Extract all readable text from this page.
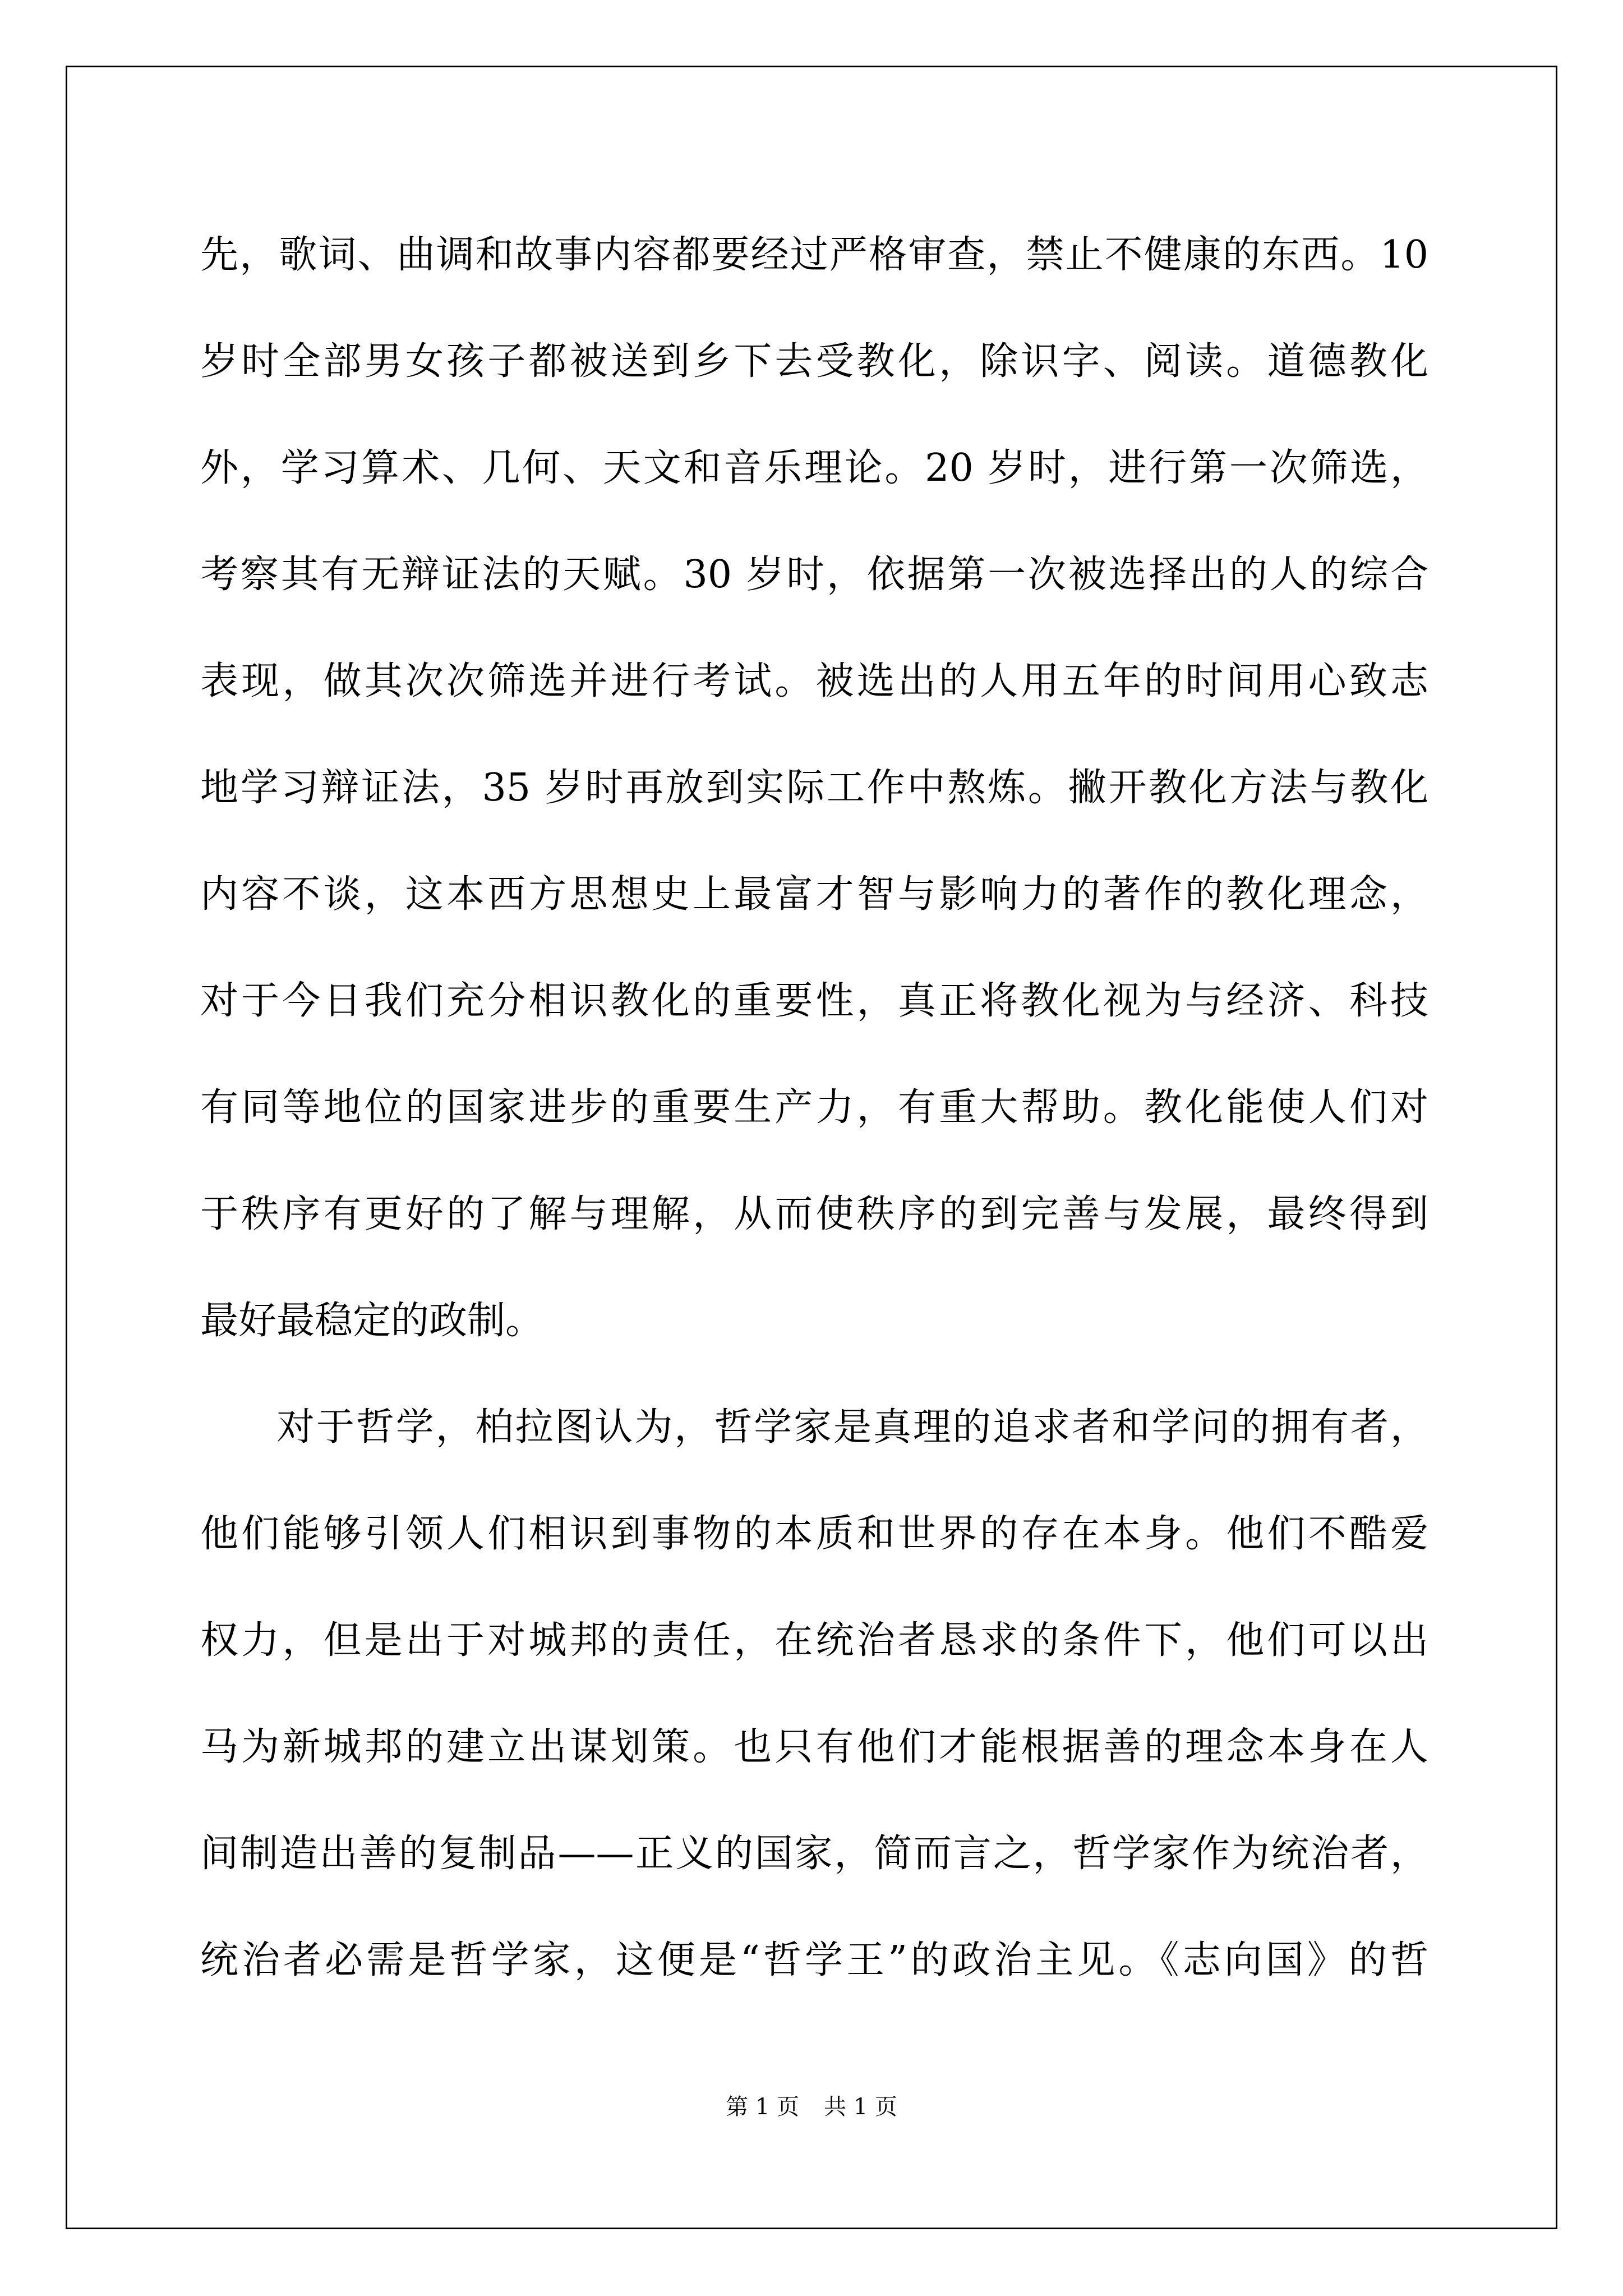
先，歌词、曲调和故事内容都要经过严格审查，禁止不健康的东西。10
岁时全部男女孩子都被送到乡下去受教化，除识字、阅读。道德教化
外，学习算术、几何、天文和音乐理论。20 岁时，进行第一次筛选，
考察其有无辩证法的天赋。30 岁时，依据第一次被选择出的人的综合
表现，做其次次筛选并进行考试。被选出的人用五年的时间用心致志
地学习辩证法，35 岁时再放到实际工作中熬炼。撇开教化方法与教化
内容不谈，这本西方思想史上最富才智与影响力的著作的教化理念，
对于今日我们充分相识教化的重要性，真正将教化视为与经济、科技
有同等地位的国家进步的重要生产力，有重大帮助。教化能使人们对
于秩序有更好的了解与理解，从而使秩序的到完善与发展，最终得到
最好最稳定的政制。
对于哲学，柏拉图认为，哲学家是真理的追求者和学问的拥有者，
他们能够引领人们相识到事物的本质和世界的存在本身。他们不酷爱
权力，但是出于对城邦的责任，在统治者恳求的条件下，他们可以出
马为新城邦的建立出谋划策。也只有他们才能根据善的理念本身在人
间制造出善的复制品——正义的国家，简而言之，哲学家作为统治者，
统治者必需是哲学家，这便是“哲学王”的政治主见。《志向国》的哲
第 1 页 共 1 页
